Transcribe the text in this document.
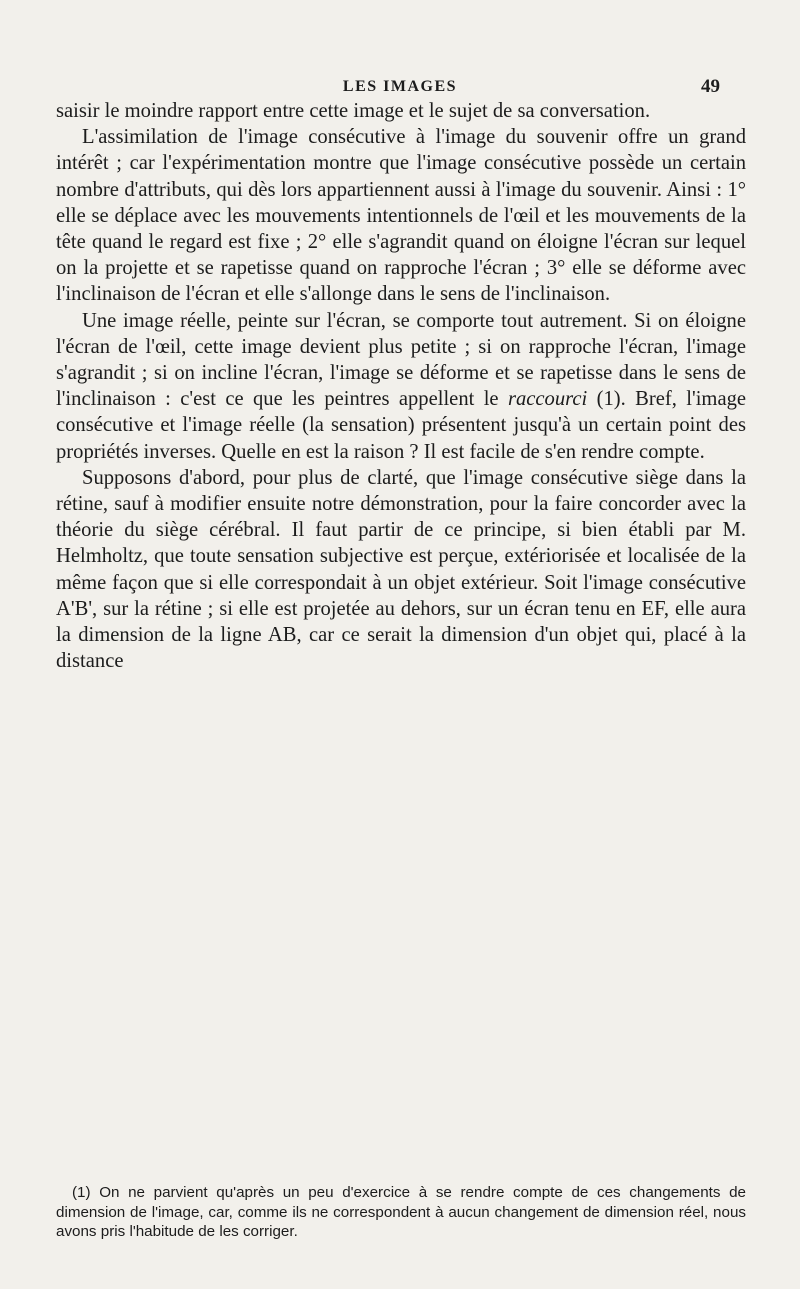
LES IMAGES	49

saisir le moindre rapport entre cette image et le sujet de sa conversation.

L'assimilation de l'image consécutive à l'image du souvenir offre un grand intérêt ; car l'expérimentation montre que l'image consécutive possède un certain nombre d'attributs, qui dès lors appartiennent aussi à l'image du souvenir. Ainsi : 1° elle se déplace avec les mouvements intentionnels de l'œil et les mouvements de la tête quand le regard est fixe ; 2° elle s'agrandit quand on éloigne l'écran sur lequel on la projette et se rapetisse quand on rapproche l'écran ; 3° elle se déforme avec l'inclinaison de l'écran et elle s'allonge dans le sens de l'inclinaison.

Une image réelle, peinte sur l'écran, se comporte tout autrement. Si on éloigne l'écran de l'œil, cette image devient plus petite ; si on rapproche l'écran, l'image s'agrandit ; si on incline l'écran, l'image se déforme et se rapetisse dans le sens de l'inclinaison : c'est ce que les peintres appellent le raccourci (1). Bref, l'image consécutive et l'image réelle (la sensation) présentent jusqu'à un certain point des propriétés inverses. Quelle en est la raison ? Il est facile de s'en rendre compte.

Supposons d'abord, pour plus de clarté, que l'image consécutive siège dans la rétine, sauf à modifier ensuite notre démonstration, pour la faire concorder avec la théorie du siège cérébral. Il faut partir de ce principe, si bien établi par M. Helmholtz, que toute sensation subjective est perçue, extériorisée et localisée de la même façon que si elle correspondait à un objet extérieur. Soit l'image consécutive A'B', sur la rétine ; si elle est projetée au dehors, sur un écran tenu en EF, elle aura la dimension de la ligne AB, car ce serait la dimension d'un objet qui, placé à la distance

(1) On ne parvient qu'après un peu d'exercice à se rendre compte de ces changements de dimension de l'image, car, comme ils ne correspondent à aucun changement de dimension réel, nous avons pris l'habitude de les corriger.
